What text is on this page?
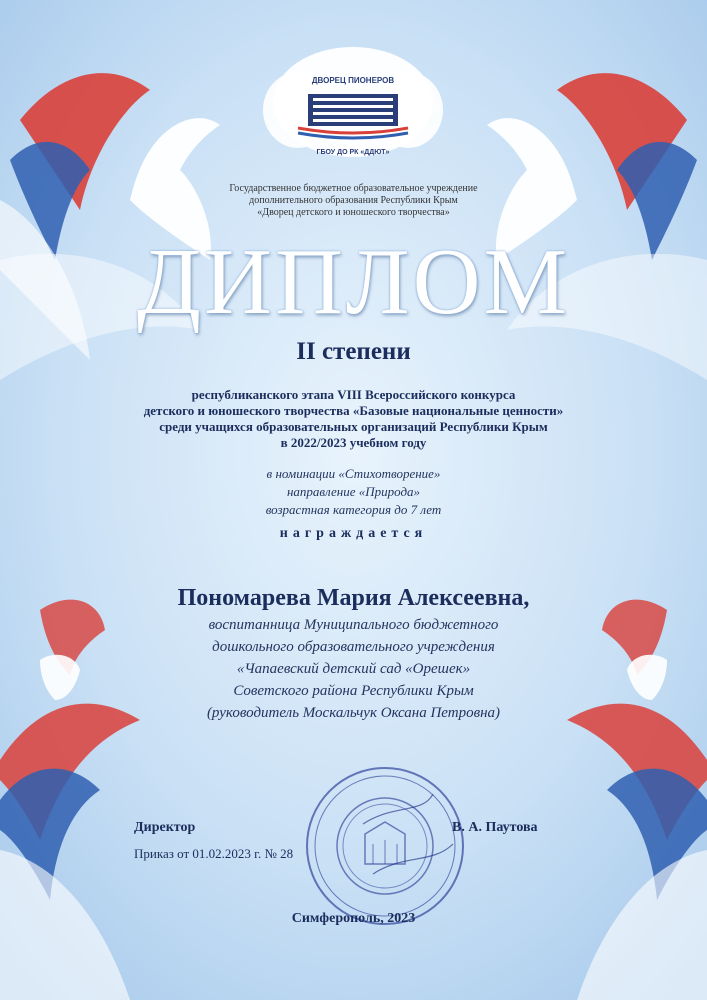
ДВОРЕЦ ПИОНЕРОВ
ГБОУ ДО РК «ДДЮТ»
Государственное бюджетное образовательное учреждение
дополнительного образования Республики Крым
«Дворец детского и юношеского творчества»
ДИПЛОМ
II степени
республиканского этапа VIII Всероссийского конкурса
детского и юношеского творчества «Базовые национальные ценности»
среди учащихся образовательных организаций Республики Крым
в 2022/2023 учебном году
в номинации «Стихотворение»
направление «Природа»
возрастная категория до 7 лет
награждается
Пономарева Мария Алексеевна,
воспитанница Муниципального бюджетного
дошкольного образовательного учреждения
«Чапаевский детский сад «Орешек»
Советского района Республики Крым
(руководитель Москальчук Оксана Петровна)
Директор	В. А. Паутова
Приказ от 01.02.2023 г. № 28
Симферополь, 2023
